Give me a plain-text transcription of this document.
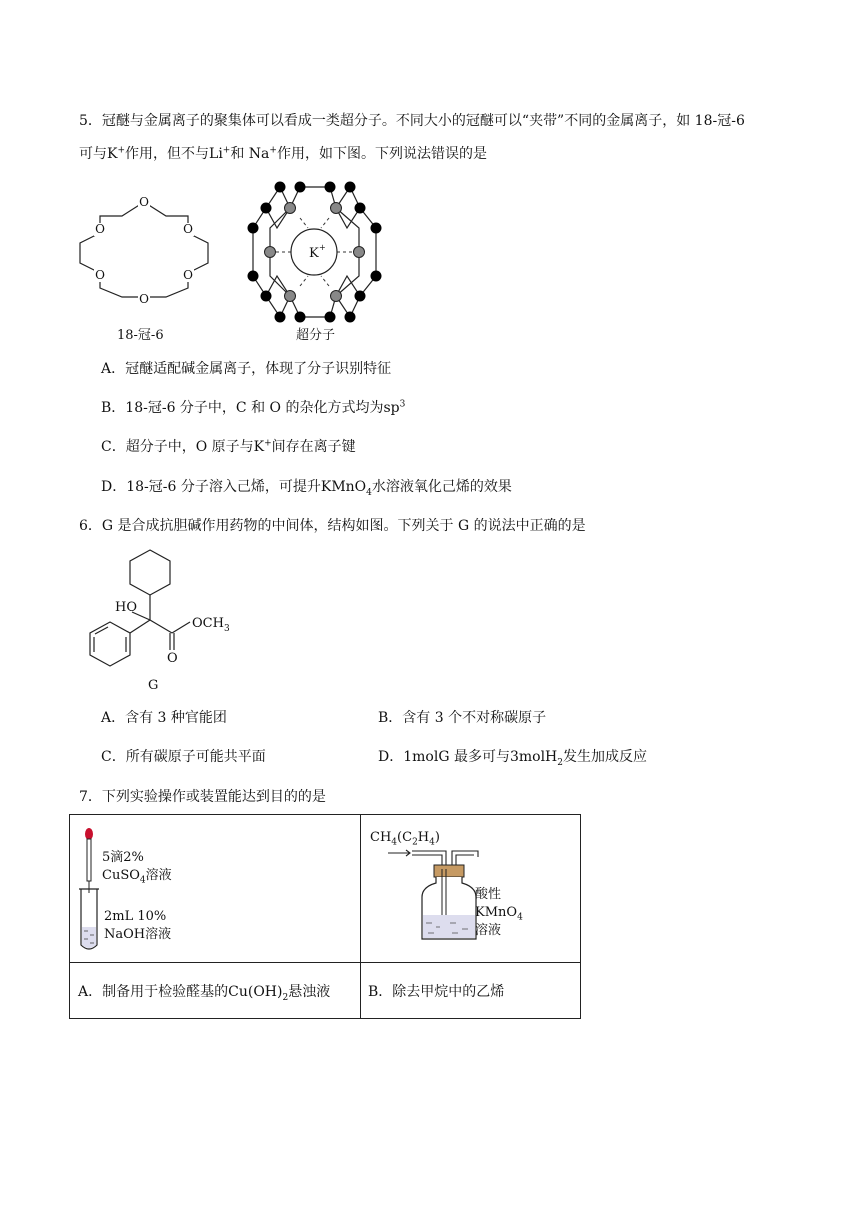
5．冠醚与金属离子的聚集体可以看成一类超分子。不同大小的冠醚可以“夹带”不同的金属离子，如 18-冠-6
可与K+作用，但不与Li+和 Na+作用，如下图。下列说法错误的是
O
O	O
O	O
O
18-冠-6
K +
超分子
A．冠醚适配碱金属离子，体现了分子识别特征
B．18-冠-6 分子中，C 和 O 的杂化方式均为$sp^3$
C．超分子中，O 原子与K+间存在离子键
D．18-冠-6 分子溶入己烯，可提升KMnO$_4$水溶液氧化己烯的效果
6．G 是合成抗胆碱作用药物的中间体，结构如图。下列关于 G 的说法中正确的是
HO
$OCH_3$
O
G
A．含有 3 种官能团	B．含有 3 个不对称碳原子
C．所有碳原子可能共平面	D．1molG 最多可与3molH$_2$发生加成反应
7．下列实验操作或装置能达到目的的是
5滴2%
CuSO$_4$溶液
2mL 10%
NaOH溶液
$CH_4(C_2H_4)$
酸性
KMnO$_4$
溶液
A．制备用于检验醛基的$Cu(OH)_2$悬浊液	B．除去甲烷中的乙烯
